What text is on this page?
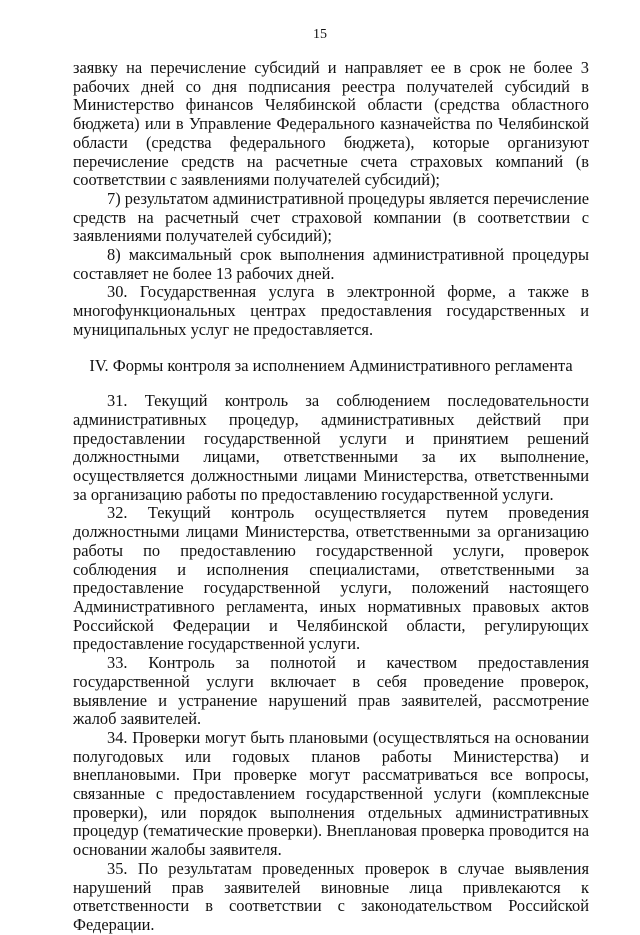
15

заявку на перечисление субсидий и направляет ее в срок не более 3 рабочих дней со дня подписания реестра получателей субсидий в Министерство финансов Челябинской области (средства областного бюджета) или в Управление Федерального казначейства по Челябинской области (средства федерального бюджета), которые организуют перечисление средств на расчетные счета страховых компаний (в соответствии с заявлениями получателей субсидий);

7) результатом административной процедуры является перечисление средств на расчетный счет страховой компании (в соответствии с заявлениями получателей субсидий);

8) максимальный срок выполнения административной процедуры составляет не более 13 рабочих дней.

30. Государственная услуга в электронной форме, а также в многофункциональных центрах предоставления государственных и муниципальных услуг не предоставляется.

IV. Формы контроля за исполнением Административного регламента

31. Текущий контроль за соблюдением последовательности административных процедур, административных действий при предоставлении государственной услуги и принятием решений должностными лицами, ответственными за их выполнение, осуществляется должностными лицами Министерства, ответственными за организацию работы по предоставлению государственной услуги.

32. Текущий контроль осуществляется путем проведения должностными лицами Министерства, ответственными за организацию работы по предоставлению государственной услуги, проверок соблюдения и исполнения специалистами, ответственными за предоставление государственной услуги, положений настоящего Административного регламента, иных нормативных правовых актов Российской Федерации и Челябинской области, регулирующих предоставление государственной услуги.

33. Контроль за полнотой и качеством предоставления государственной услуги включает в себя проведение проверок, выявление и устранение нарушений прав заявителей, рассмотрение жалоб заявителей.

34. Проверки могут быть плановыми (осуществляться на основании полугодовых или годовых планов работы Министерства) и внеплановыми. При проверке могут рассматриваться все вопросы, связанные с предоставлением государственной услуги (комплексные проверки), или порядок выполнения отдельных административных процедур (тематические проверки). Внеплановая проверка проводится на основании жалобы заявителя.

35. По результатам проведенных проверок в случае выявления нарушений прав заявителей виновные лица привлекаются к ответственности в соответствии с законодательством Российской Федерации.
